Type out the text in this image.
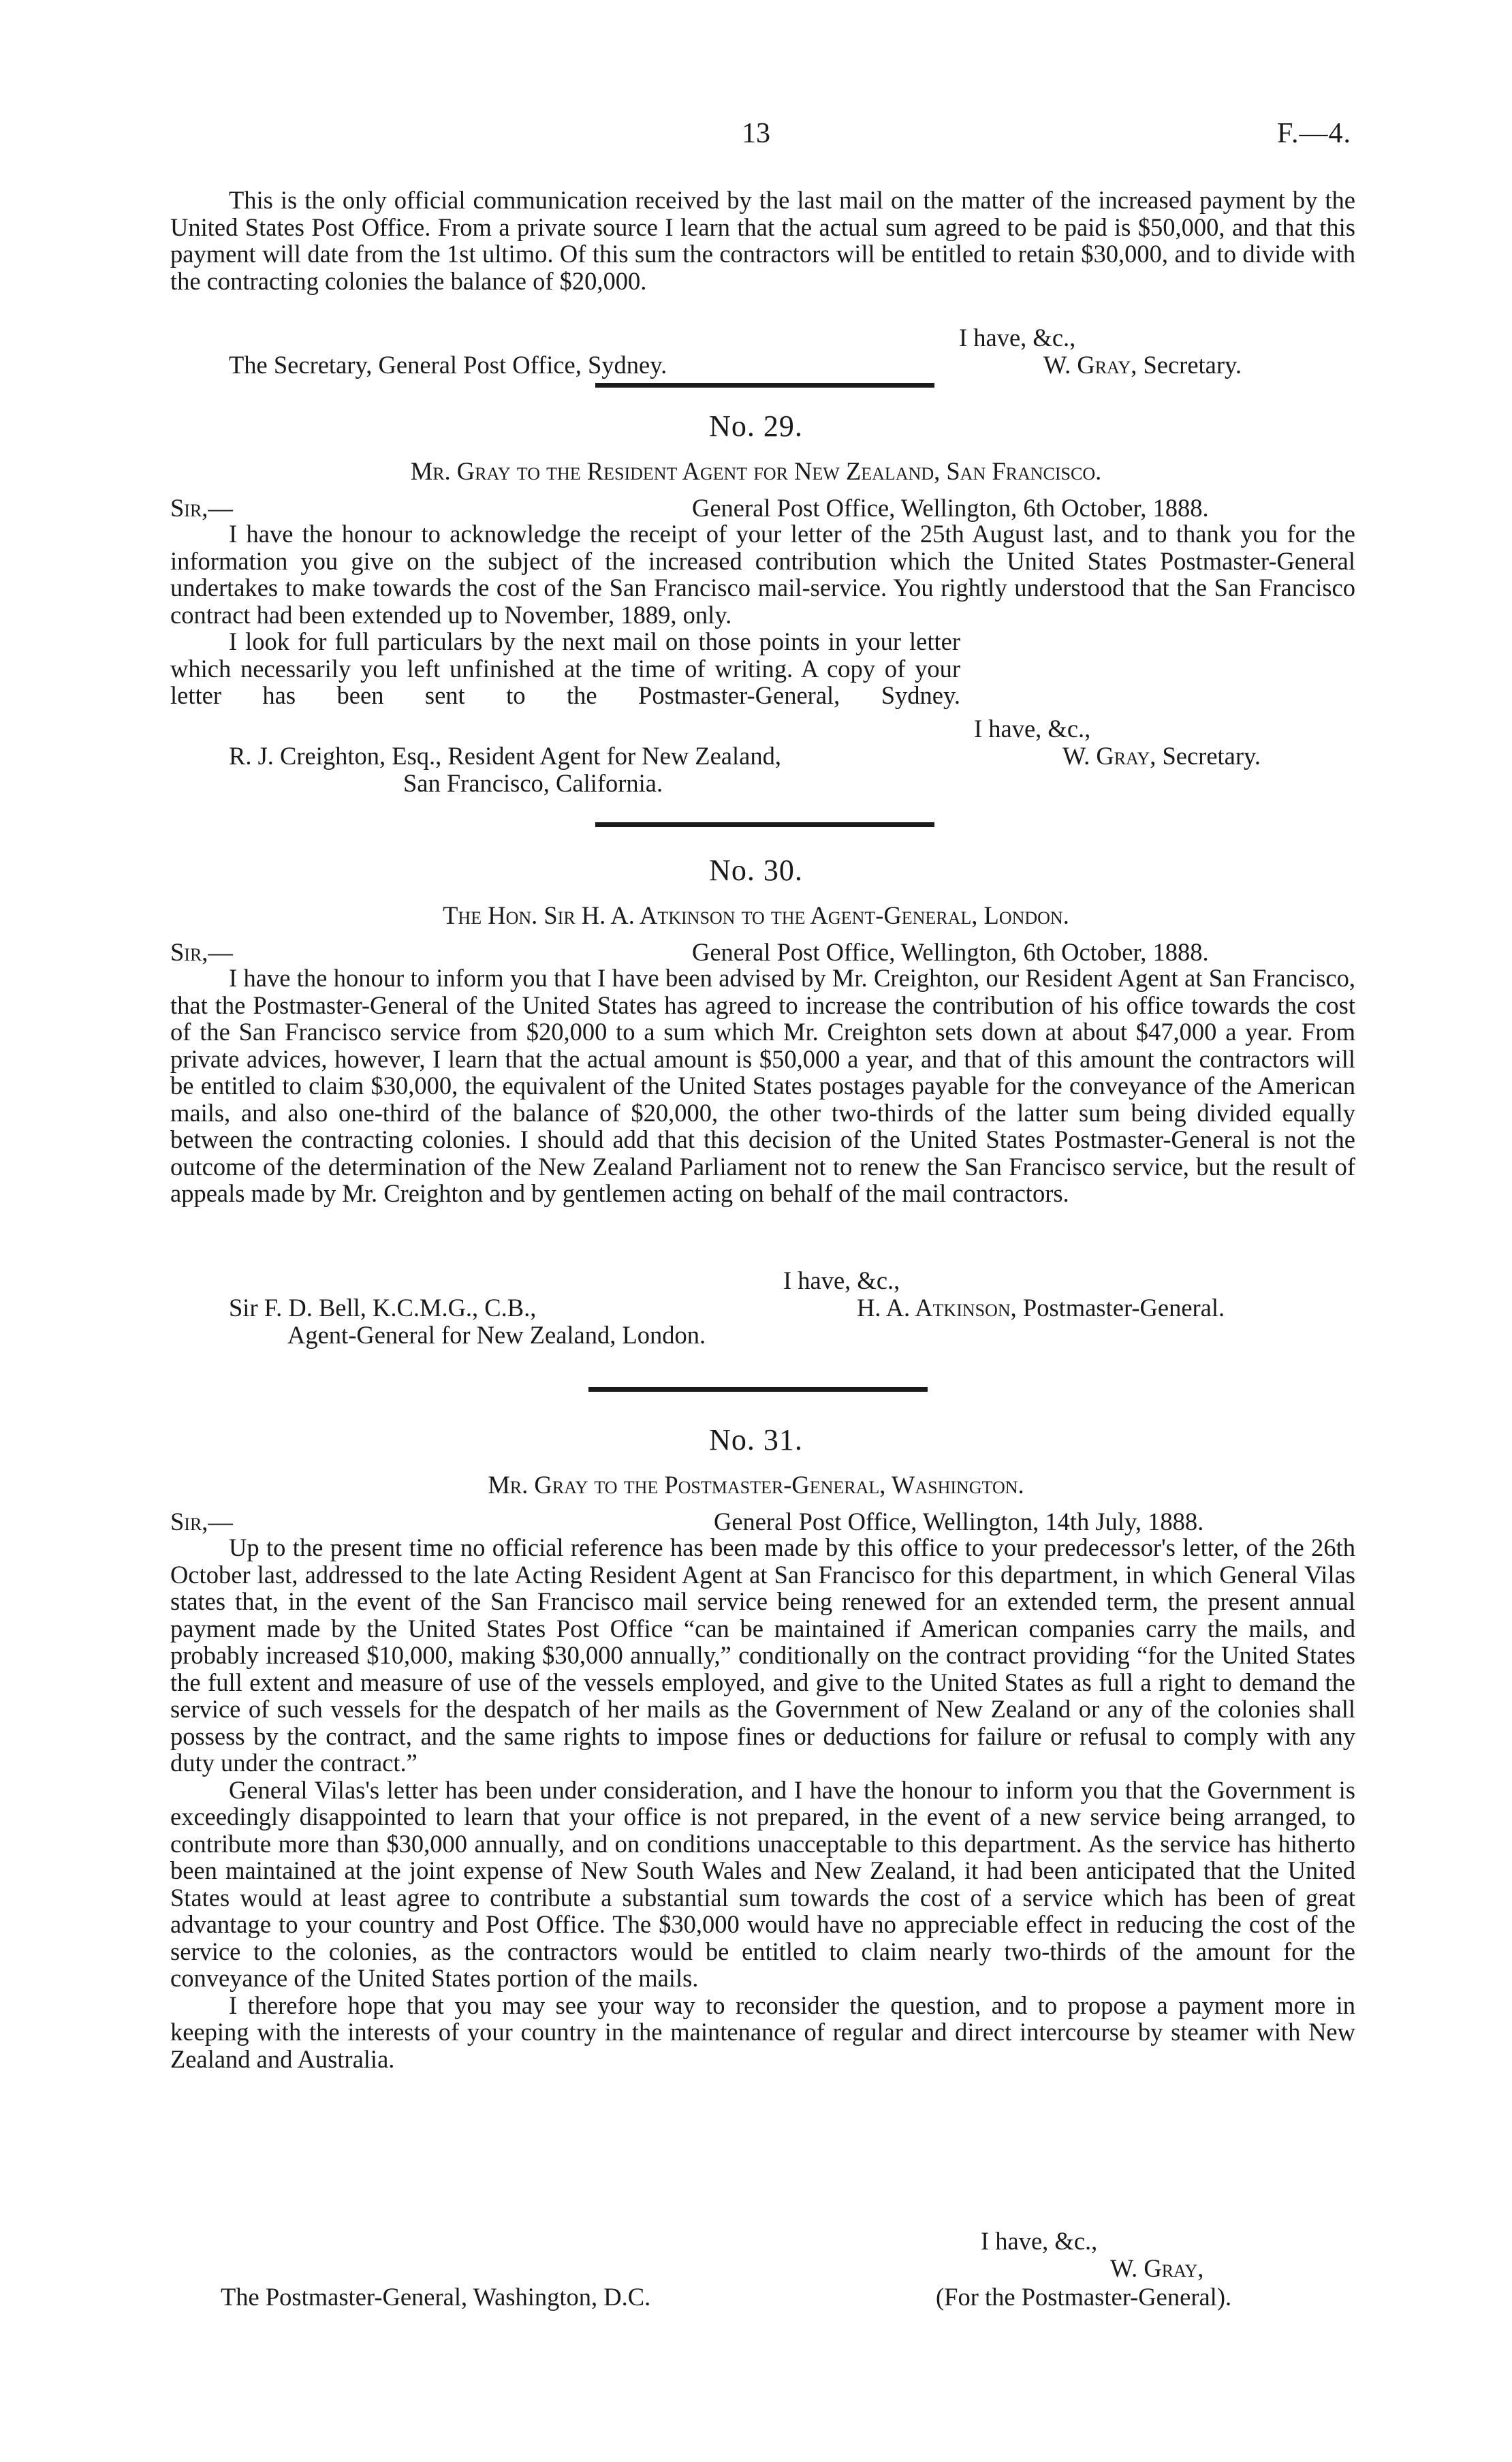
13	F.—4.

This is the only official communication received by the last mail on the matter of the increased payment by the United States Post Office. From a private source I learn that the actual sum agreed to be paid is $50,000, and that this payment will date from the 1st ultimo. Of this sum the contractors will be entitled to retain $30,000, and to divide with the contracting colonies the balance of $20,000.

I have, &c.,
The Secretary, General Post Office, Sydney.	W. Gray, Secretary.
No. 29.
Mr. Gray to the Resident Agent for New Zealand, San Francisco.
Sir,—	General Post Office, Wellington, 6th October, 1888.

I have the honour to acknowledge the receipt of your letter of the 25th August last, and to thank you for the information you give on the subject of the increased contribution which the United States Postmaster-General undertakes to make towards the cost of the San Francisco mail-service. You rightly understood that the San Francisco contract had been extended up to November, 1889, only.

I look for full particulars by the next mail on those points in your letter which necessarily you left unfinished at the time of writing. A copy of your letter has been sent to the Postmaster-General, Sydney.

I have, &c.,
R. J. Creighton, Esq., Resident Agent for New Zealand,
San Francisco, California.
W. Gray, Secretary.
No. 30.
The Hon. Sir H. A. Atkinson to the Agent-General, London.
Sir,—	General Post Office, Wellington, 6th October, 1888.

I have the honour to inform you that I have been advised by Mr. Creighton, our Resident Agent at San Francisco, that the Postmaster-General of the United States has agreed to increase the contribution of his office towards the cost of the San Francisco service from $20,000 to a sum which Mr. Creighton sets down at about $47,000 a year. From private advices, however, I learn that the actual amount is $50,000 a year, and that of this amount the contractors will be entitled to claim $30,000, the equivalent of the United States postages payable for the conveyance of the American mails, and also one-third of the balance of $20,000, the other two-thirds of the latter sum being divided equally between the contracting colonies. I should add that this decision of the United States Postmaster-General is not the outcome of the determination of the New Zealand Parliament not to renew the San Francisco service, but the result of appeals made by Mr. Creighton and by gentlemen acting on behalf of the mail contractors.

I have, &c.,
Sir F. D. Bell, K.C.M.G., C.B.,
Agent-General for New Zealand, London.
H. A. Atkinson, Postmaster-General.
No. 31.
Mr. Gray to the Postmaster-General, Washington.
Sir,—	General Post Office, Wellington, 14th July, 1888.

Up to the present time no official reference has been made by this office to your predecessor's letter, of the 26th October last, addressed to the late Acting Resident Agent at San Francisco for this department, in which General Vilas states that, in the event of the San Francisco mail service being renewed for an extended term, the present annual payment made by the United States Post Office “can be maintained if American companies carry the mails, and probably increased $10,000, making $30,000 annually,” conditionally on the contract providing “for the United States the full extent and measure of use of the vessels employed, and give to the United States as full a right to demand the service of such vessels for the despatch of her mails as the Government of New Zealand or any of the colonies shall possess by the contract, and the same rights to impose fines or deductions for failure or refusal to comply with any duty under the contract.”

General Vilas's letter has been under consideration, and I have the honour to inform you that the Government is exceedingly disappointed to learn that your office is not prepared, in the event of a new service being arranged, to contribute more than $30,000 annually, and on conditions unacceptable to this department. As the service has hitherto been maintained at the joint expense of New South Wales and New Zealand, it had been anticipated that the United States would at least agree to contribute a substantial sum towards the cost of a service which has been of great advantage to your country and Post Office. The $30,000 would have no appreciable effect in reducing the cost of the service to the colonies, as the contractors would be entitled to claim nearly two-thirds of the amount for the conveyance of the United States portion of the mails.

I therefore hope that you may see your way to reconsider the question, and to propose a payment more in keeping with the interests of your country in the maintenance of regular and direct intercourse by steamer with New Zealand and Australia.

I have, &c.,
W. Gray,
(For the Postmaster-General).
The Postmaster-General, Washington, D.C.
